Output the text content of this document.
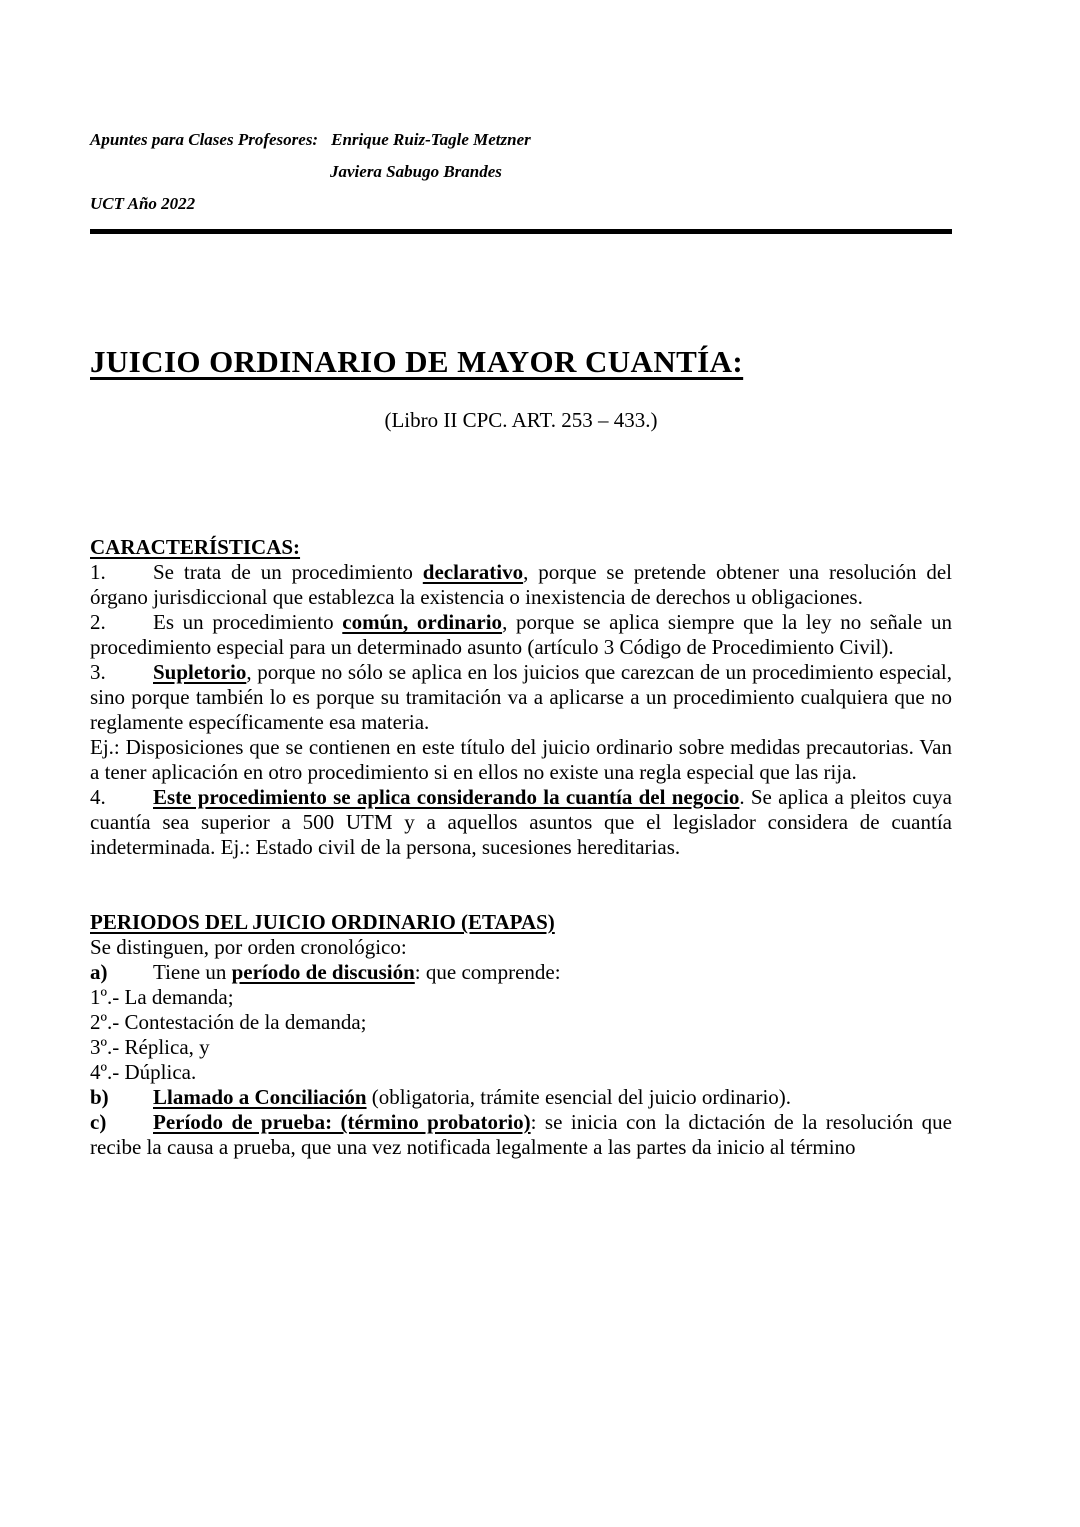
Apuntes para Clases Profesores: Enrique Ruiz-Tagle Metzner
Javiera Sabugo Brandes
UCT Año 2022
JUICIO ORDINARIO DE MAYOR CUANTÍA:
(Libro II CPC. ART. 253 – 433.)
CARACTERÍSTICAS:

1. Se trata de un procedimiento declarativo, porque se pretende obtener una resolución del órgano jurisdiccional que establezca la existencia o inexistencia de derechos u obligaciones.

2. Es un procedimiento común, ordinario, porque se aplica siempre que la ley no señale un procedimiento especial para un determinado asunto (artículo 3 Código de Procedimiento Civil).

3. Supletorio, porque no sólo se aplica en los juicios que carezcan de un procedimiento especial, sino porque también lo es porque su tramitación va a aplicarse a un procedimiento cualquiera que no reglamente específicamente esa materia.

Ej.: Disposiciones que se contienen en este título del juicio ordinario sobre medidas precautorias. Van a tener aplicación en otro procedimiento si en ellos no existe una regla especial que las rija.

4. Este procedimiento se aplica considerando la cuantía del negocio. Se aplica a pleitos cuya cuantía sea superior a 500 UTM y a aquellos asuntos que el legislador considera de cuantía indeterminada. Ej.: Estado civil de la persona, sucesiones hereditarias.

PERIODOS DEL JUICIO ORDINARIO (ETAPAS)

Se distinguen, por orden cronológico:

a) Tiene un período de discusión: que comprende:

1º.- La demanda;

2º.- Contestación de la demanda;

3º.- Réplica, y

4º.- Dúplica.

b) Llamado a Conciliación (obligatoria, trámite esencial del juicio ordinario).

c) Período de prueba: (término probatorio): se inicia con la dictación de la resolución que recibe la causa a prueba, que una vez notificada legalmente a las partes da inicio al término
